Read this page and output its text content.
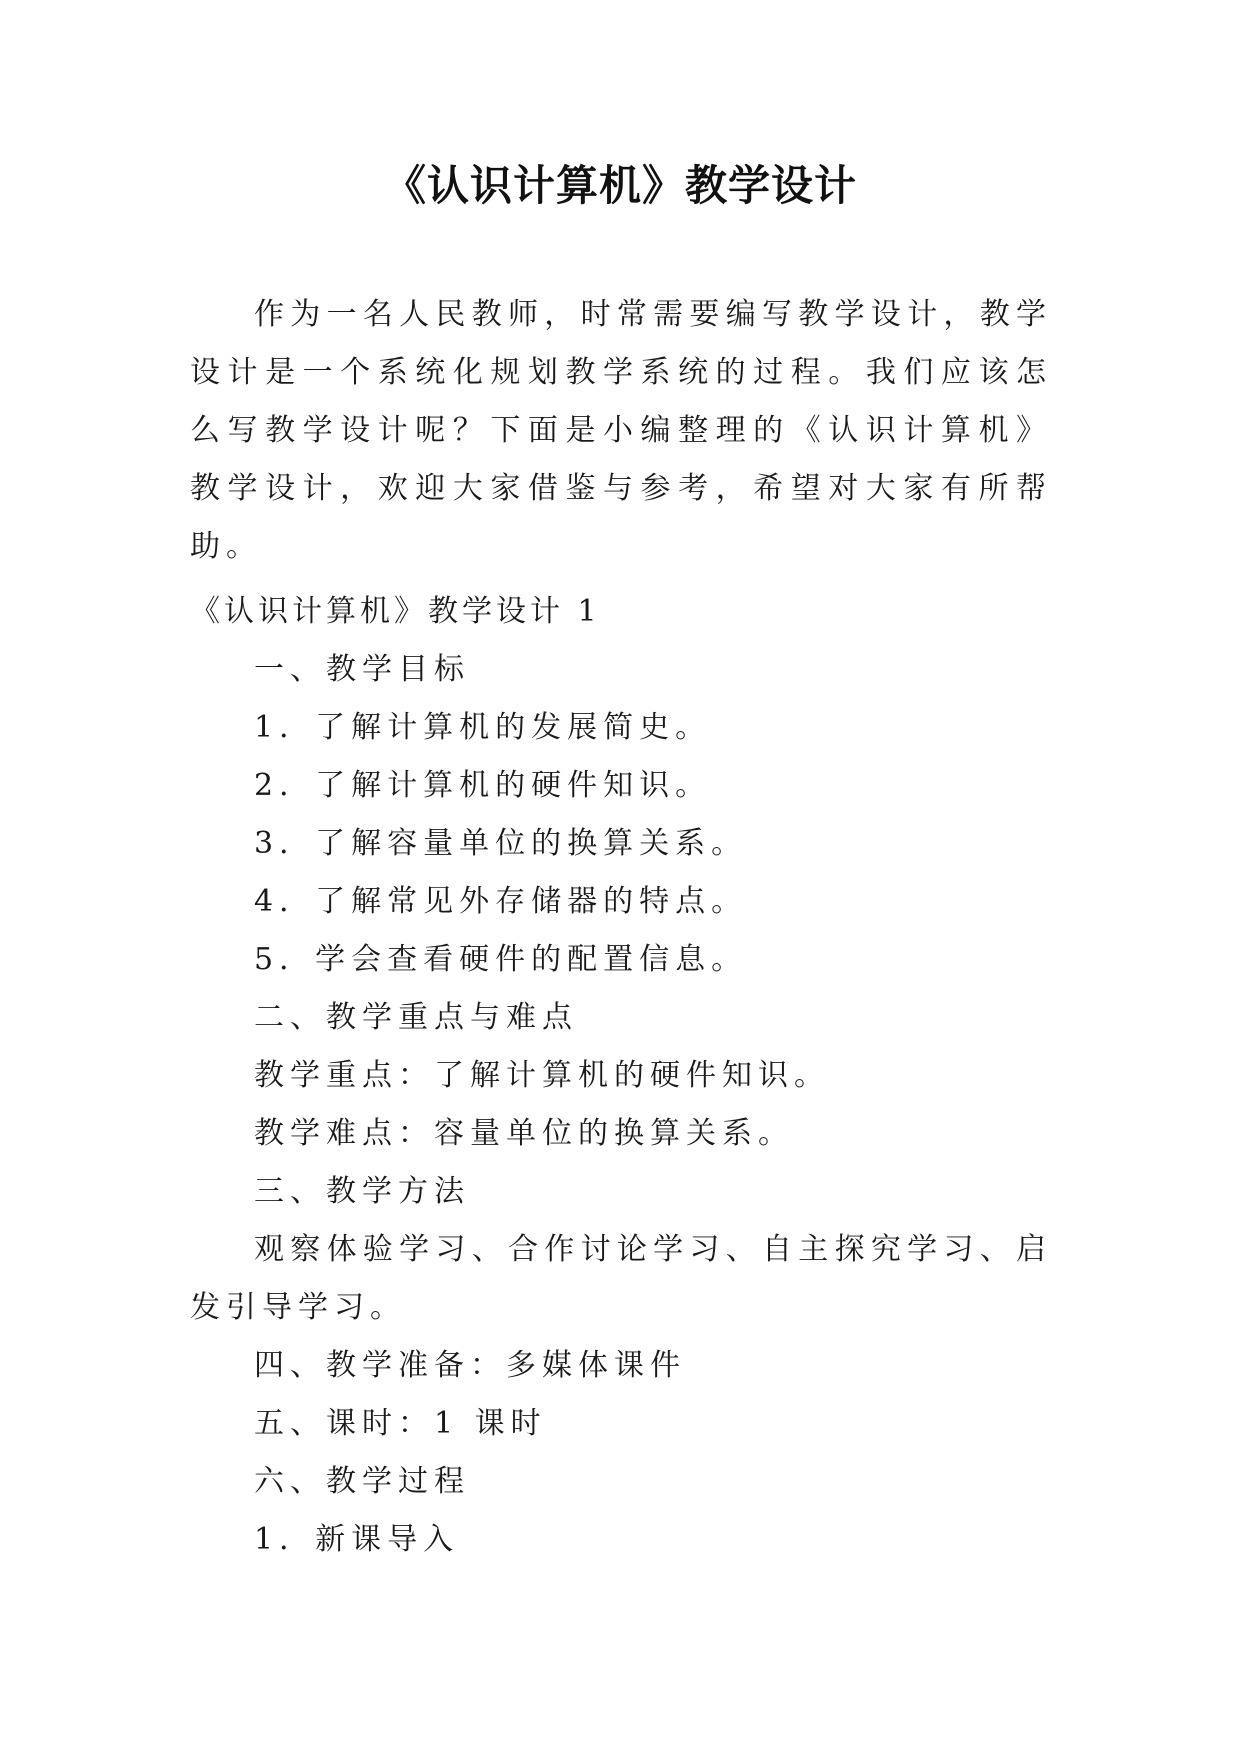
《认识计算机》教学设计

作为一名人民教师，时常需要编写教学设计，教学设计是一个系统化规划教学系统的过程。我们应该怎么写教学设计呢？下面是小编整理的《认识计算机》教学设计，欢迎大家借鉴与参考，希望对大家有所帮助。

《认识计算机》教学设计 1

一、教学目标

1．了解计算机的发展简史。

2．了解计算机的硬件知识。

3．了解容量单位的换算关系。

4．了解常见外存储器的特点。

5．学会查看硬件的配置信息。

二、教学重点与难点

教学重点：了解计算机的硬件知识。

教学难点：容量单位的换算关系。

三、教学方法

观察体验学习、合作讨论学习、自主探究学习、启发引导学习。

四、教学准备：多媒体课件

五、课时：1 课时

六、教学过程

1．新课导入
